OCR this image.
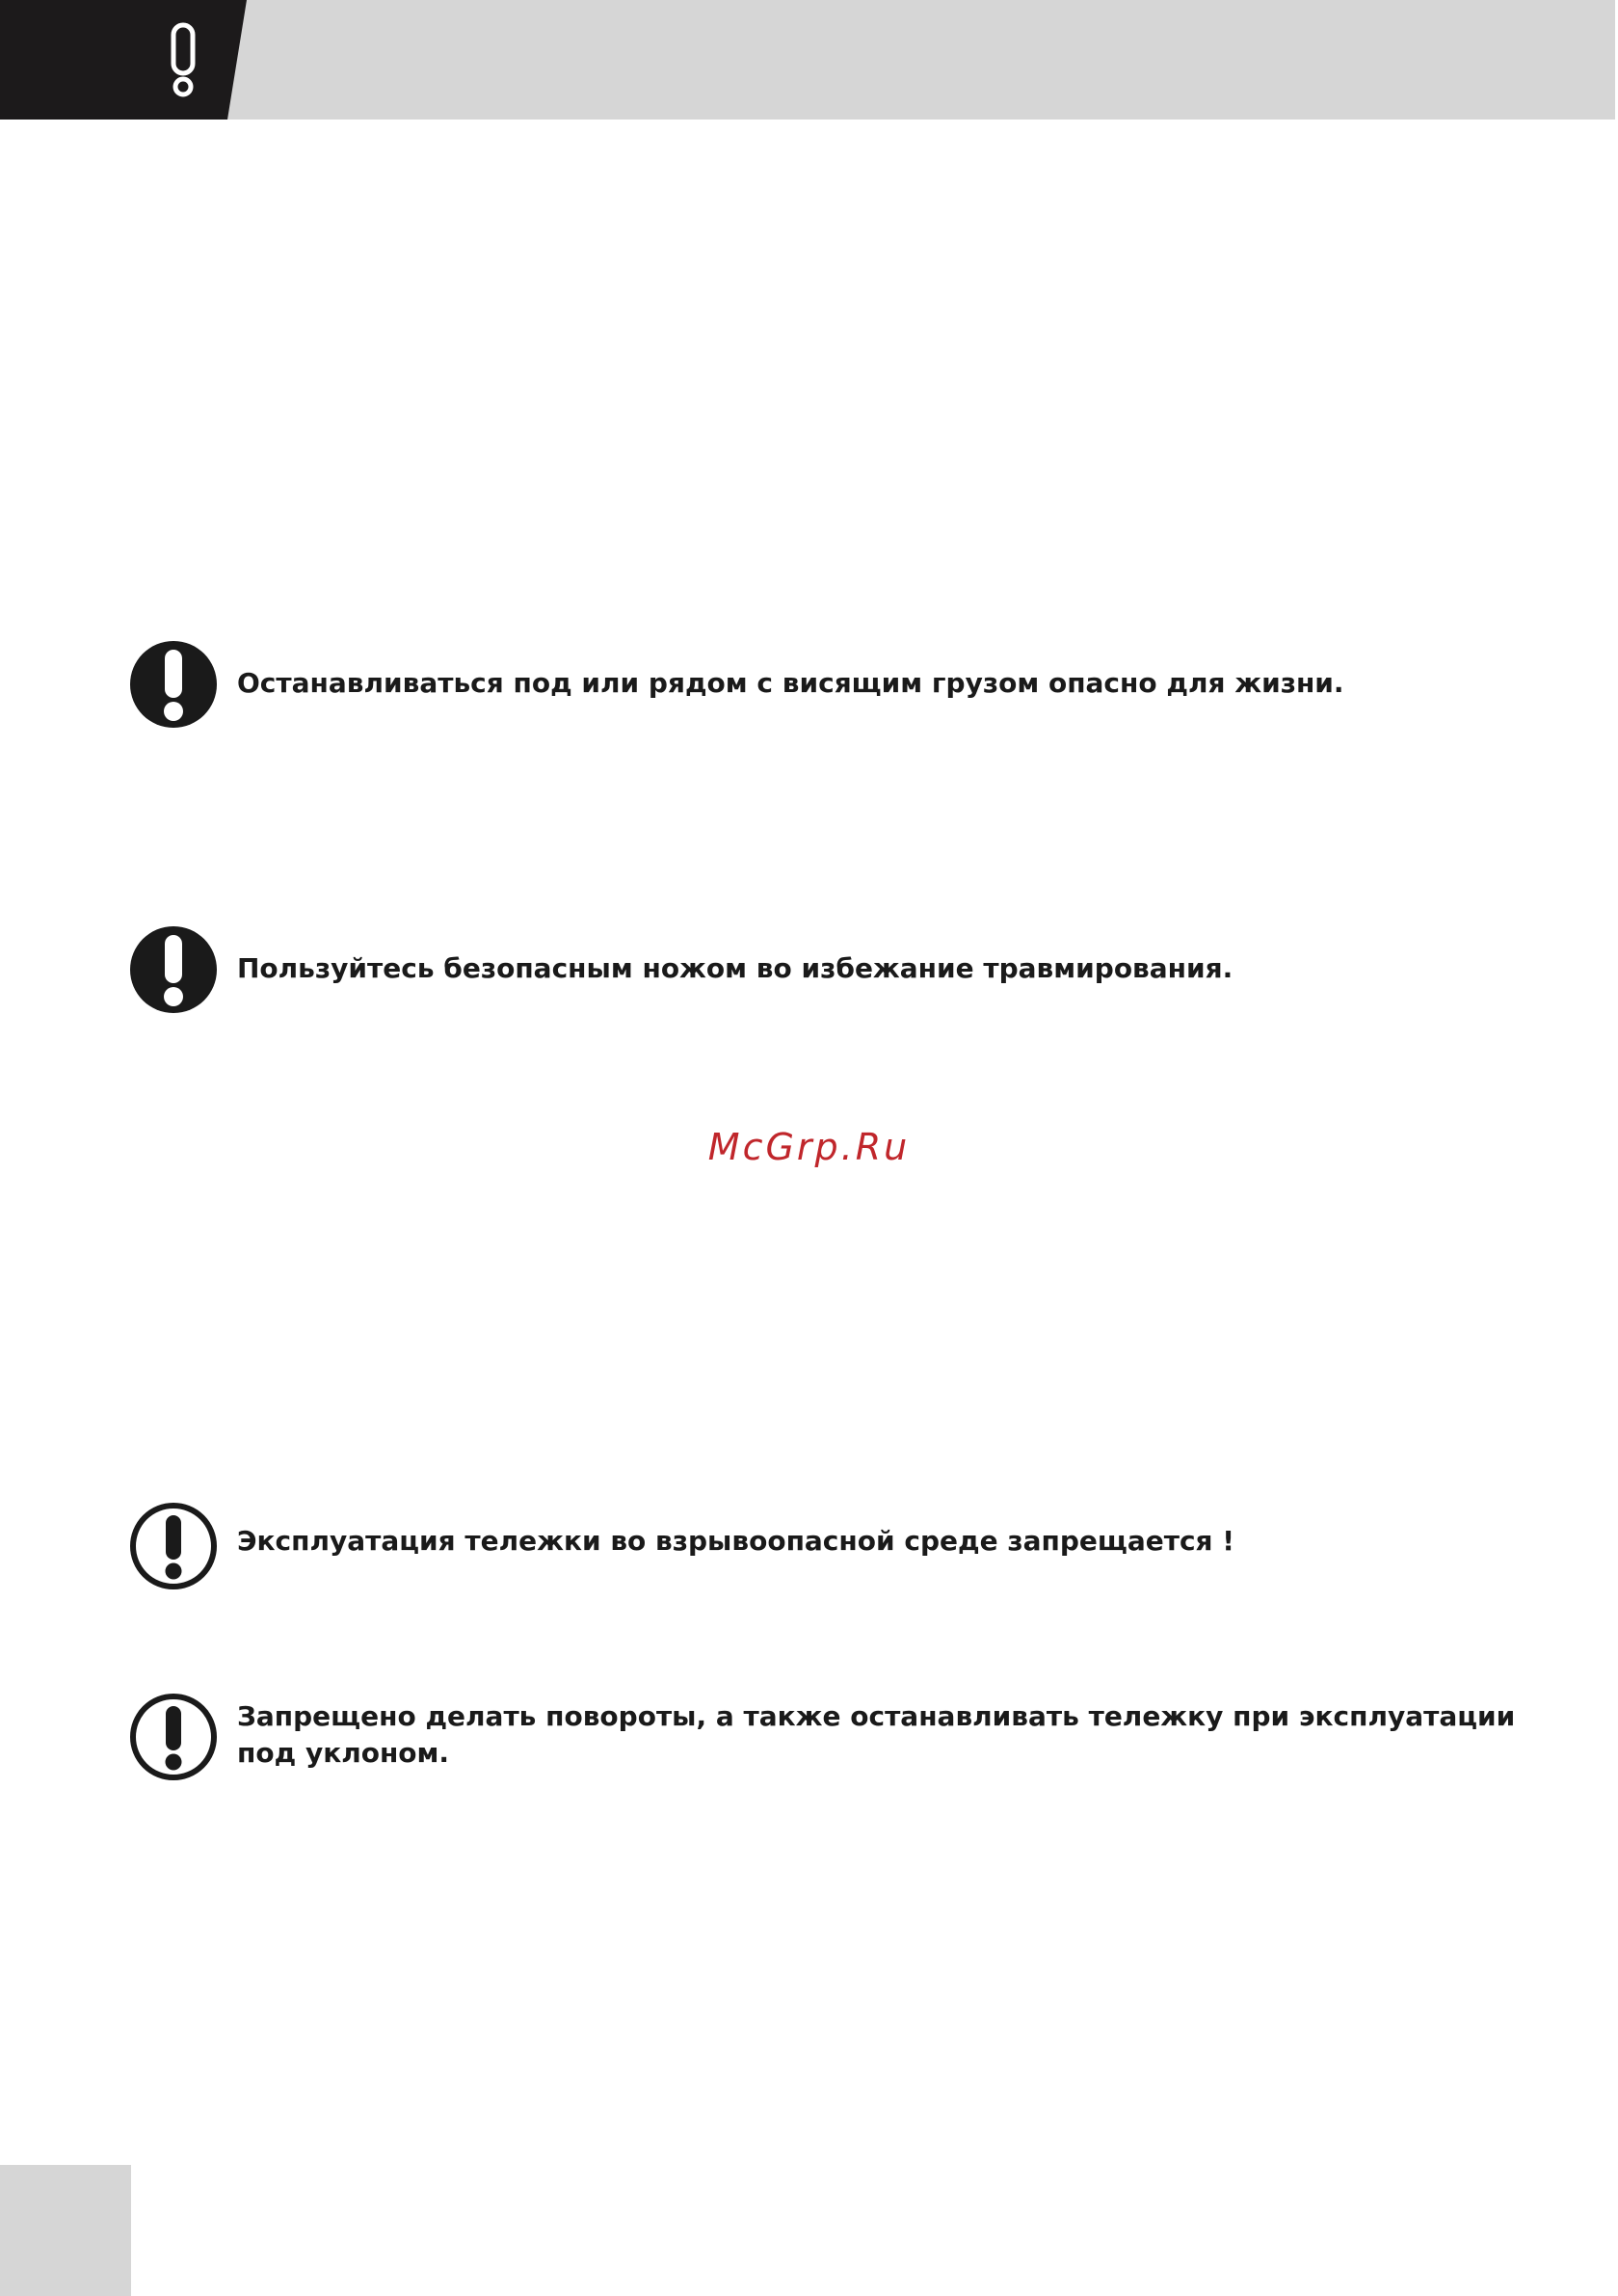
Останавливаться под или рядом с висящим грузом опасно для жизни.
Пользуйтесь безопасным ножом во избежание травмирования.
McGrp.Ru
Эксплуатация тележки во взрывоопасной среде запрещается !
Запрещено делать повороты, а также останавливать тележку при эксплуатации под уклоном.
